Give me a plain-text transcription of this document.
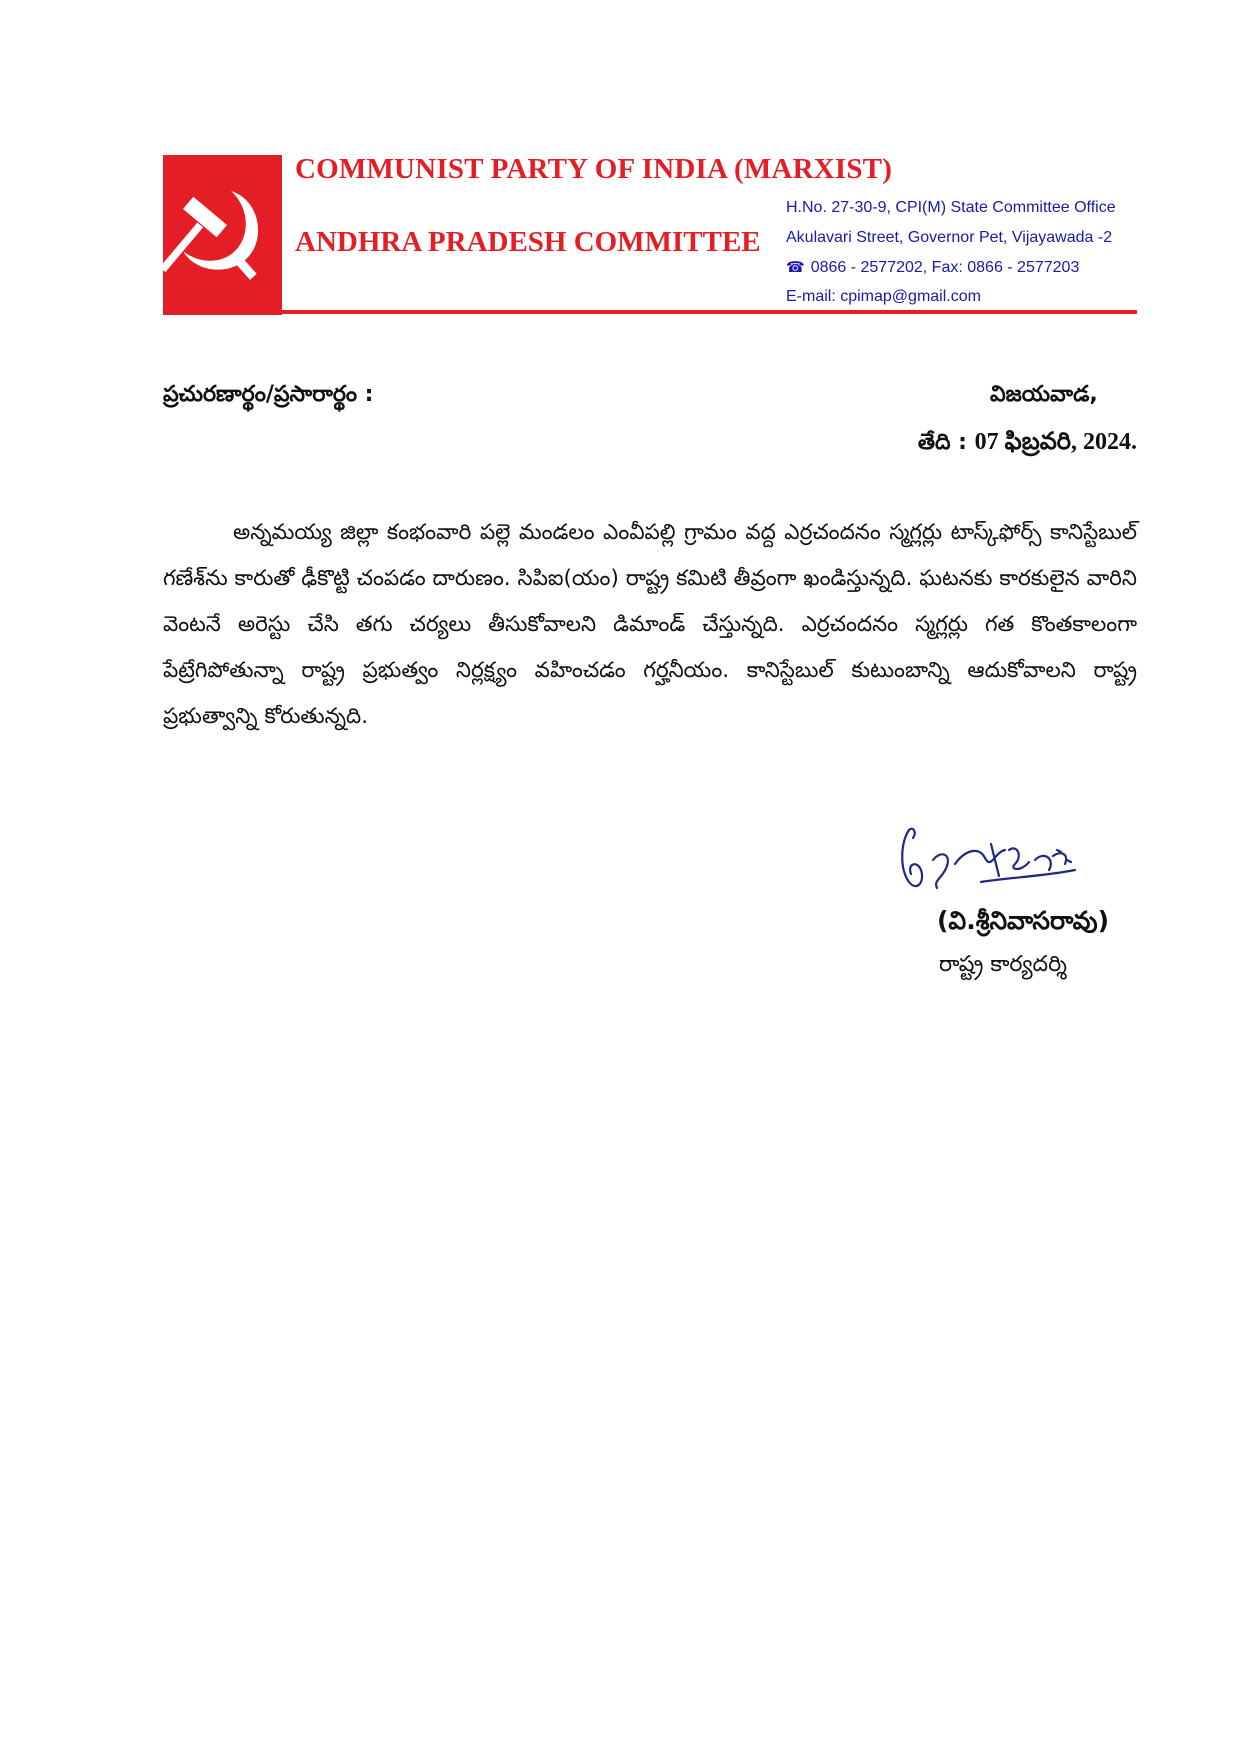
COMMUNIST PARTY OF INDIA (MARXIST)
ANDHRA PRADESH COMMITTEE
H.No. 27-30-9, CPI(M) State Committee Office
Akulavari Street, Governor Pet, Vijayawada -2
☎ 0866 - 2577202, Fax: 0866 - 2577203
E-mail: cpimap@gmail.com
ప్రచురణార్థం/ప్రసారార్థం :	విజయవాడ,
తేది : 07 ఫిబ్రవరి, 2024.

అన్నమయ్య జిల్లా కంభంవారి పల్లె మండలం ఎంవీపల్లి గ్రామం వద్ద ఎర్రచందనం స్మగ్లర్లు టాస్క్‌ఫోర్స్ కానిస్టేబుల్ గణేశ్‌ను కారుతో ఢీకొట్టి చంపడం దారుణం. సిపిఐ(యం) రాష్ట్ర కమిటి తీవ్రంగా ఖండిస్తున్నది. ఘటనకు కారకులైన వారిని వెంటనే అరెస్టు చేసి తగు చర్యలు తీసుకోవాలని డిమాండ్ చేస్తున్నది. ఎర్రచందనం స్మగ్లర్లు గత కొంతకాలంగా పేట్రేగిపోతున్నా రాష్ట్ర ప్రభుత్వం నిర్లక్ష్యం వహించడం గర్హనీయం. కానిస్టేబుల్ కుటుంబాన్ని ఆదుకోవాలని రాష్ట్ర ప్రభుత్వాన్ని కోరుతున్నది.

(వి.శ్రీనివాసరావు)
రాష్ట్ర కార్యదర్శి
